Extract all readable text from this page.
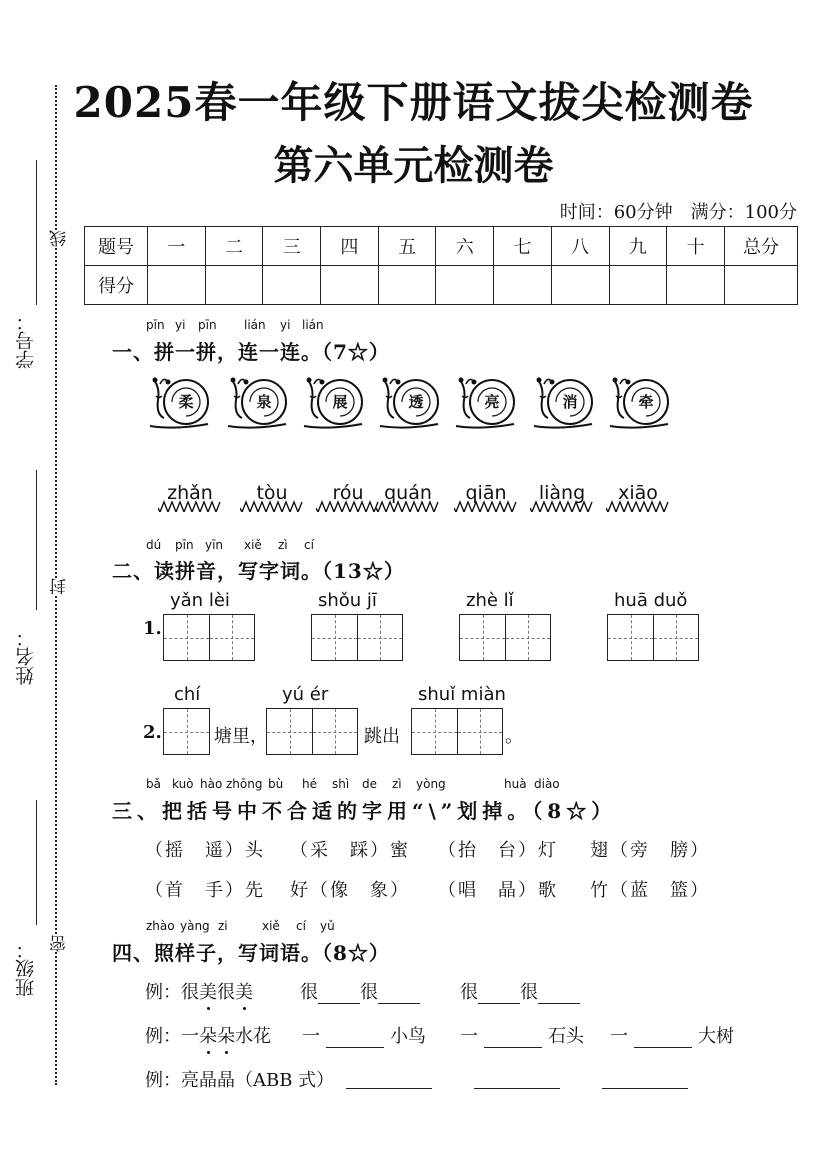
学号：
线
姓名：
封
班级： 密
2025春一年级下册语文拔尖检测卷
第六单元检测卷
时间：60分钟　满分：100分
题号	一	二	三	四	五	六	七	八	九	十	总分
得分											
pīn yi pīn lián yi lián
一、拼一拼，连一连。（7☆）
柔	泉	展	透	亮	消	牵
zhǎn	tòu	róu	quán	qiān	liàng	xiāo
dú pīn yīn xiě zì cí
二、读拼音，写字词。（13☆）
1.
yǎn lèi	shǒu jī	zhè lǐ	huā duǒ
2.
chí
塘里，
yú ér
跳出
shuǐ miàn
。
bǎ kuò hào zhōng bù hé shì de zì yòng	huà diào
三、把括号中不合适的字用“\”划掉。（8☆）
（摇　遥）头 （采　踩）蜜 （抬　台）灯 翅（旁　膀）
（首　手）先 好（像　象） （唱　晶）歌 竹（蓝　篮）
zhào yàng zi	xiě cí yǔ
四、照样子，写词语。（8☆）
例：很美很美	很 很	很 很
例：一朵朵水花 一	小鸟 一	石头 一	大树
例：亮晶晶（ABB 式）
